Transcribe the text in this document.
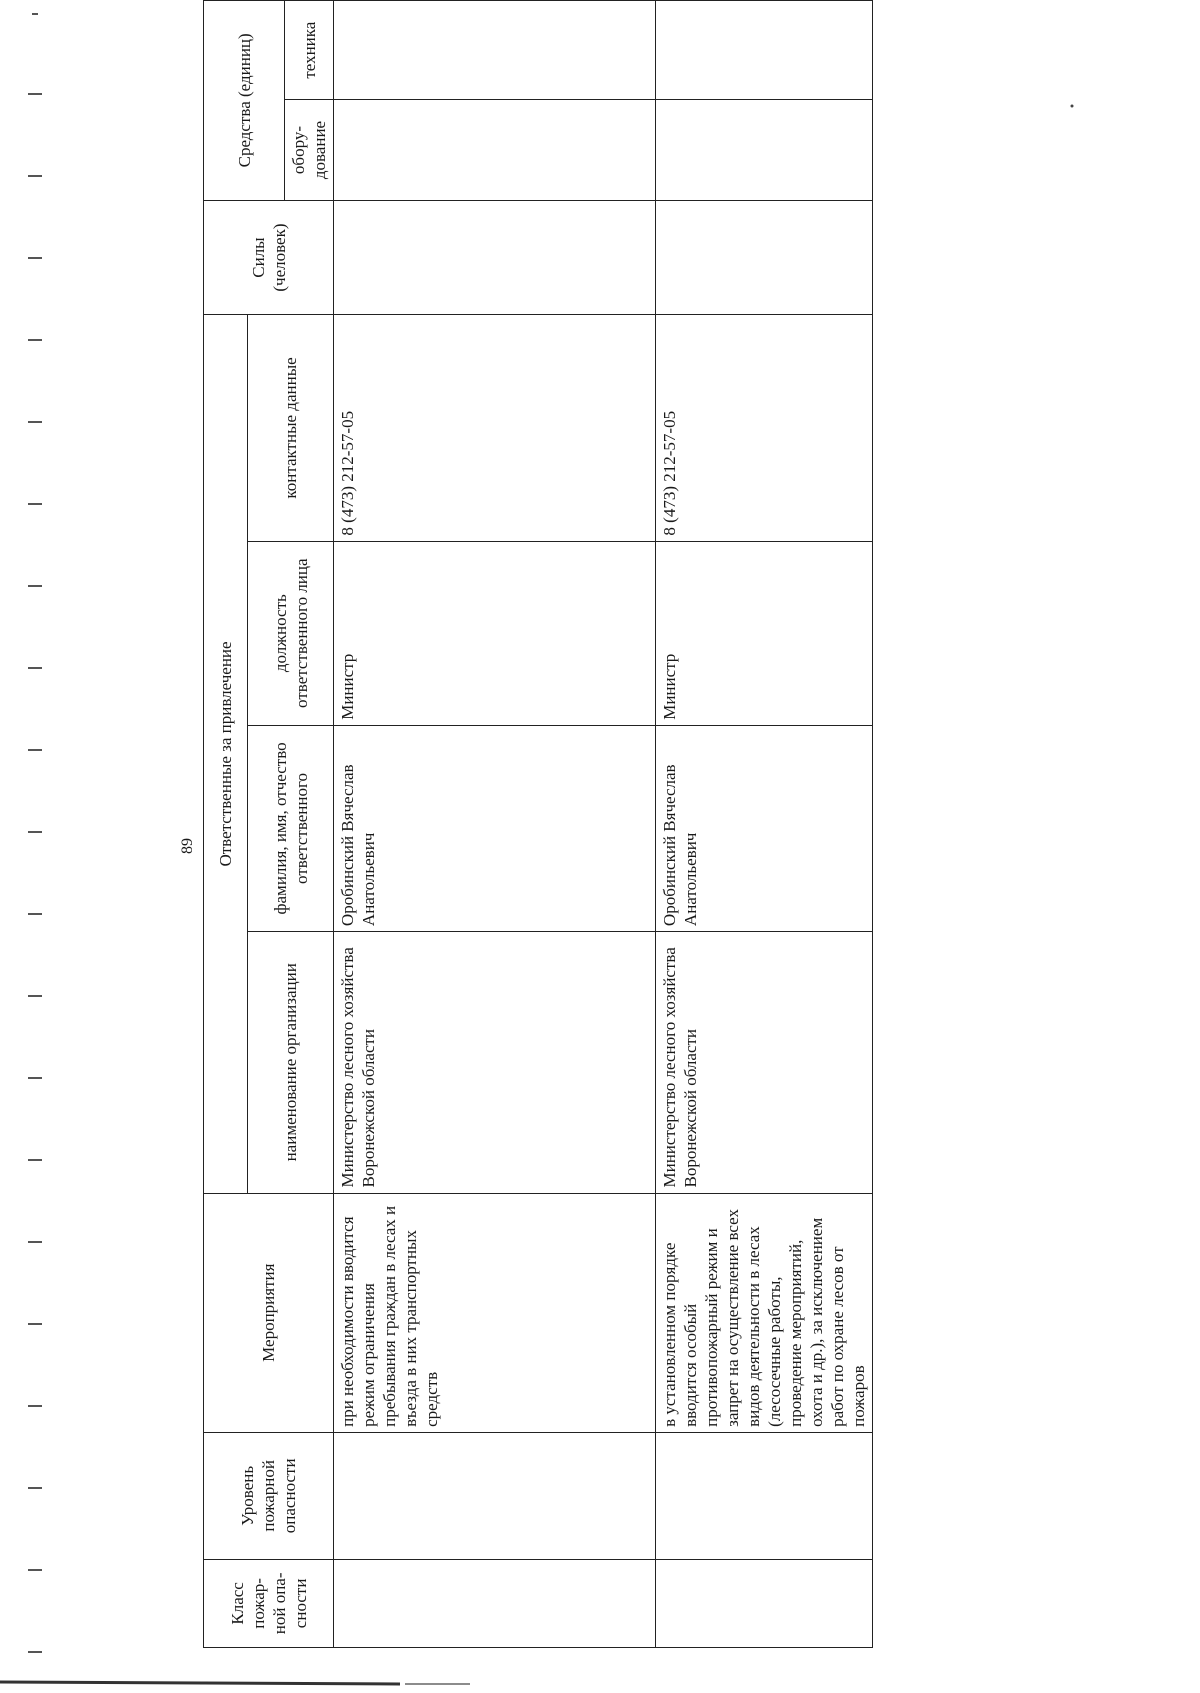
89
Класс пожар-ной опа-сности	Уровень пожарной опасности	Мероприятия	Ответственные за привлечение				Силы (человек)	Средства (единиц)	

			наименование организации	фамилия, имя, отчество ответственного	должность ответственного лица	контактные данные			

								обору-дование	техника

		при необходимости вводится режим ограничения пребывания граждан в лесах и въезда в них транспортных средств	Министерство лесного хозяйства Воронежской области	Оробинский Вячеслав Анатольевич	Министр	8 (473) 212-57-05			
		в установленном порядке вводится особый противопожарный режим и запрет на осуществление всех видов деятельности в лесах (лесосечные работы, проведение мероприятий, охота и др.), за исключением работ по охране лесов от пожаров	Министерство лесного хозяйства Воронежской области	Оробинский Вячеслав Анатольевич	Министр	8 (473) 212-57-05			
